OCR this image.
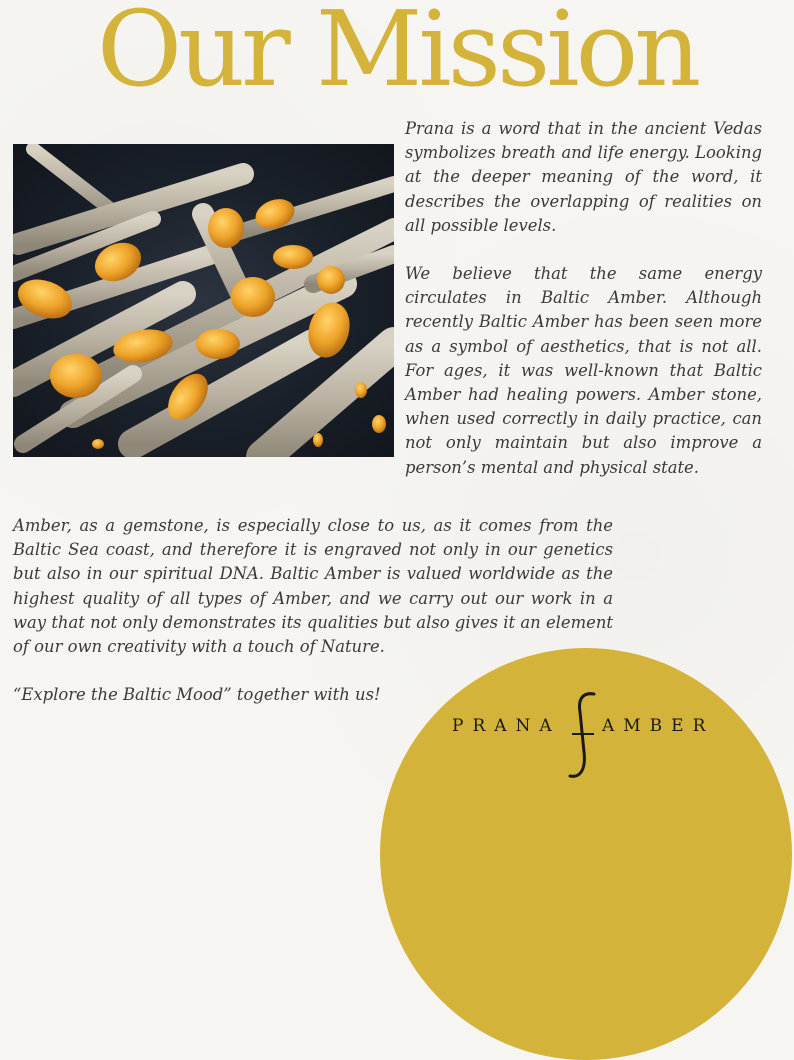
Our Mission

Prana is a word that in the ancient Vedas symbolizes breath and life energy. Looking at the deeper meaning of the word, it describes the overlapping of realities on all possible levels.

We believe that the same energy circulates in Baltic Amber. Although recently Baltic Amber has been seen more as a symbol of aesthetics, that is not all. For ages, it was well-known that Baltic Amber had healing powers. Amber stone, when used correctly in daily practice, can not only maintain but also improve a person’s mental and physical state.

Amber, as a gemstone, is especially close to us, as it comes from the Baltic Sea coast, and therefore it is engraved not only in our genetics but also in our spiritual DNA. Baltic Amber is valued worldwide as the highest quality of all types of Amber, and we carry out our work in a way that not only demonstrates its qualities but also gives it an element of our own creativity with a touch of Nature.

“Explore the Baltic Mood” together with us!

PRANA AMBER
